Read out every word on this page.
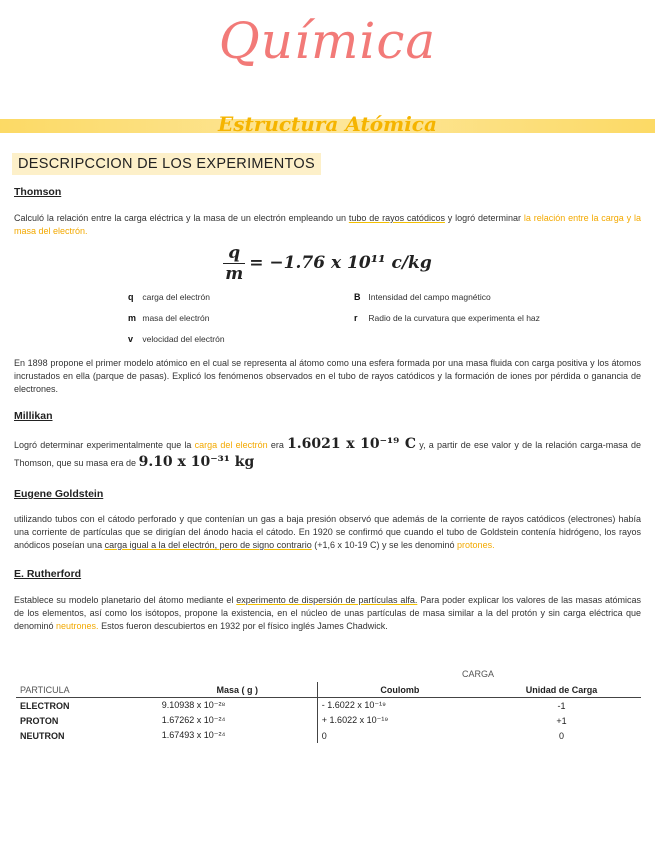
Química
Estructura Atómica
DESCRIPCCION DE LOS EXPERIMENTOS
Thomson
Calculó la relación entre la carga eléctrica y la masa de un electrón empleando un tubo de rayos catódicos y logró determinar la relación entre la carga y la masa del electrón.
$\frac{q}{m} = -1.76$ x 10¹¹ c/kg
q carga del electrón	B Intensidad del campo magnético
m masa del electrón	r Radio de la curvatura que experimenta el haz
v velocidad del electrón
En 1898 propone el primer modelo atómico en el cual se representa al átomo como una esfera formada por una masa fluida con carga positiva y los átomos incrustados en ella (parque de pasas). Explicó los fenómenos observados en el tubo de rayos catódicos y la formación de iones por pérdida o ganancia de electrones.
Millikan
Logró determinar experimentalmente que la carga del electrón era 1.6021 x 10⁻¹⁹ C y, a partir de ese valor y de la relación carga-masa de Thomson, que su masa era de 9.10 x 10⁻³¹ kg
Eugene Goldstein
utilizando tubos con el cátodo perforado y que contenían un gas a baja presión observó que además de la corriente de rayos catódicos (electrones) había una corriente de partículas que se dirigían del ánodo hacia el cátodo. En 1920 se confirmó que cuando el tubo de Goldstein contenía hidrógeno, los rayos anódicos poseían una carga igual a la del electrón, pero de signo contrario (+1,6 x 10-19 C) y se les denominó protones.
E. Rutherford
Establece su modelo planetario del átomo mediante el experimento de dispersión de partículas alfa. Para poder explicar los valores de las masas atómicas de los elementos, así como los isótopos, propone la existencia, en el núcleo de unas partículas de masa similar a la del protón y sin carga eléctrica que denominó neutrones. Estos fueron descubiertos en 1932 por el físico inglés James Chadwick.
CARGA
PARTICULA	Masa ( g )	Coulomb	Unidad de Carga
ELECTRON	9.10938 x 10⁻²⁸	- 1.6022 x 10⁻¹⁹	-1
PROTON	1.67262 x 10⁻²⁴	+ 1.6022 x 10⁻¹⁹	+1
NEUTRON	1.67493 x 10⁻²⁴	0	0
